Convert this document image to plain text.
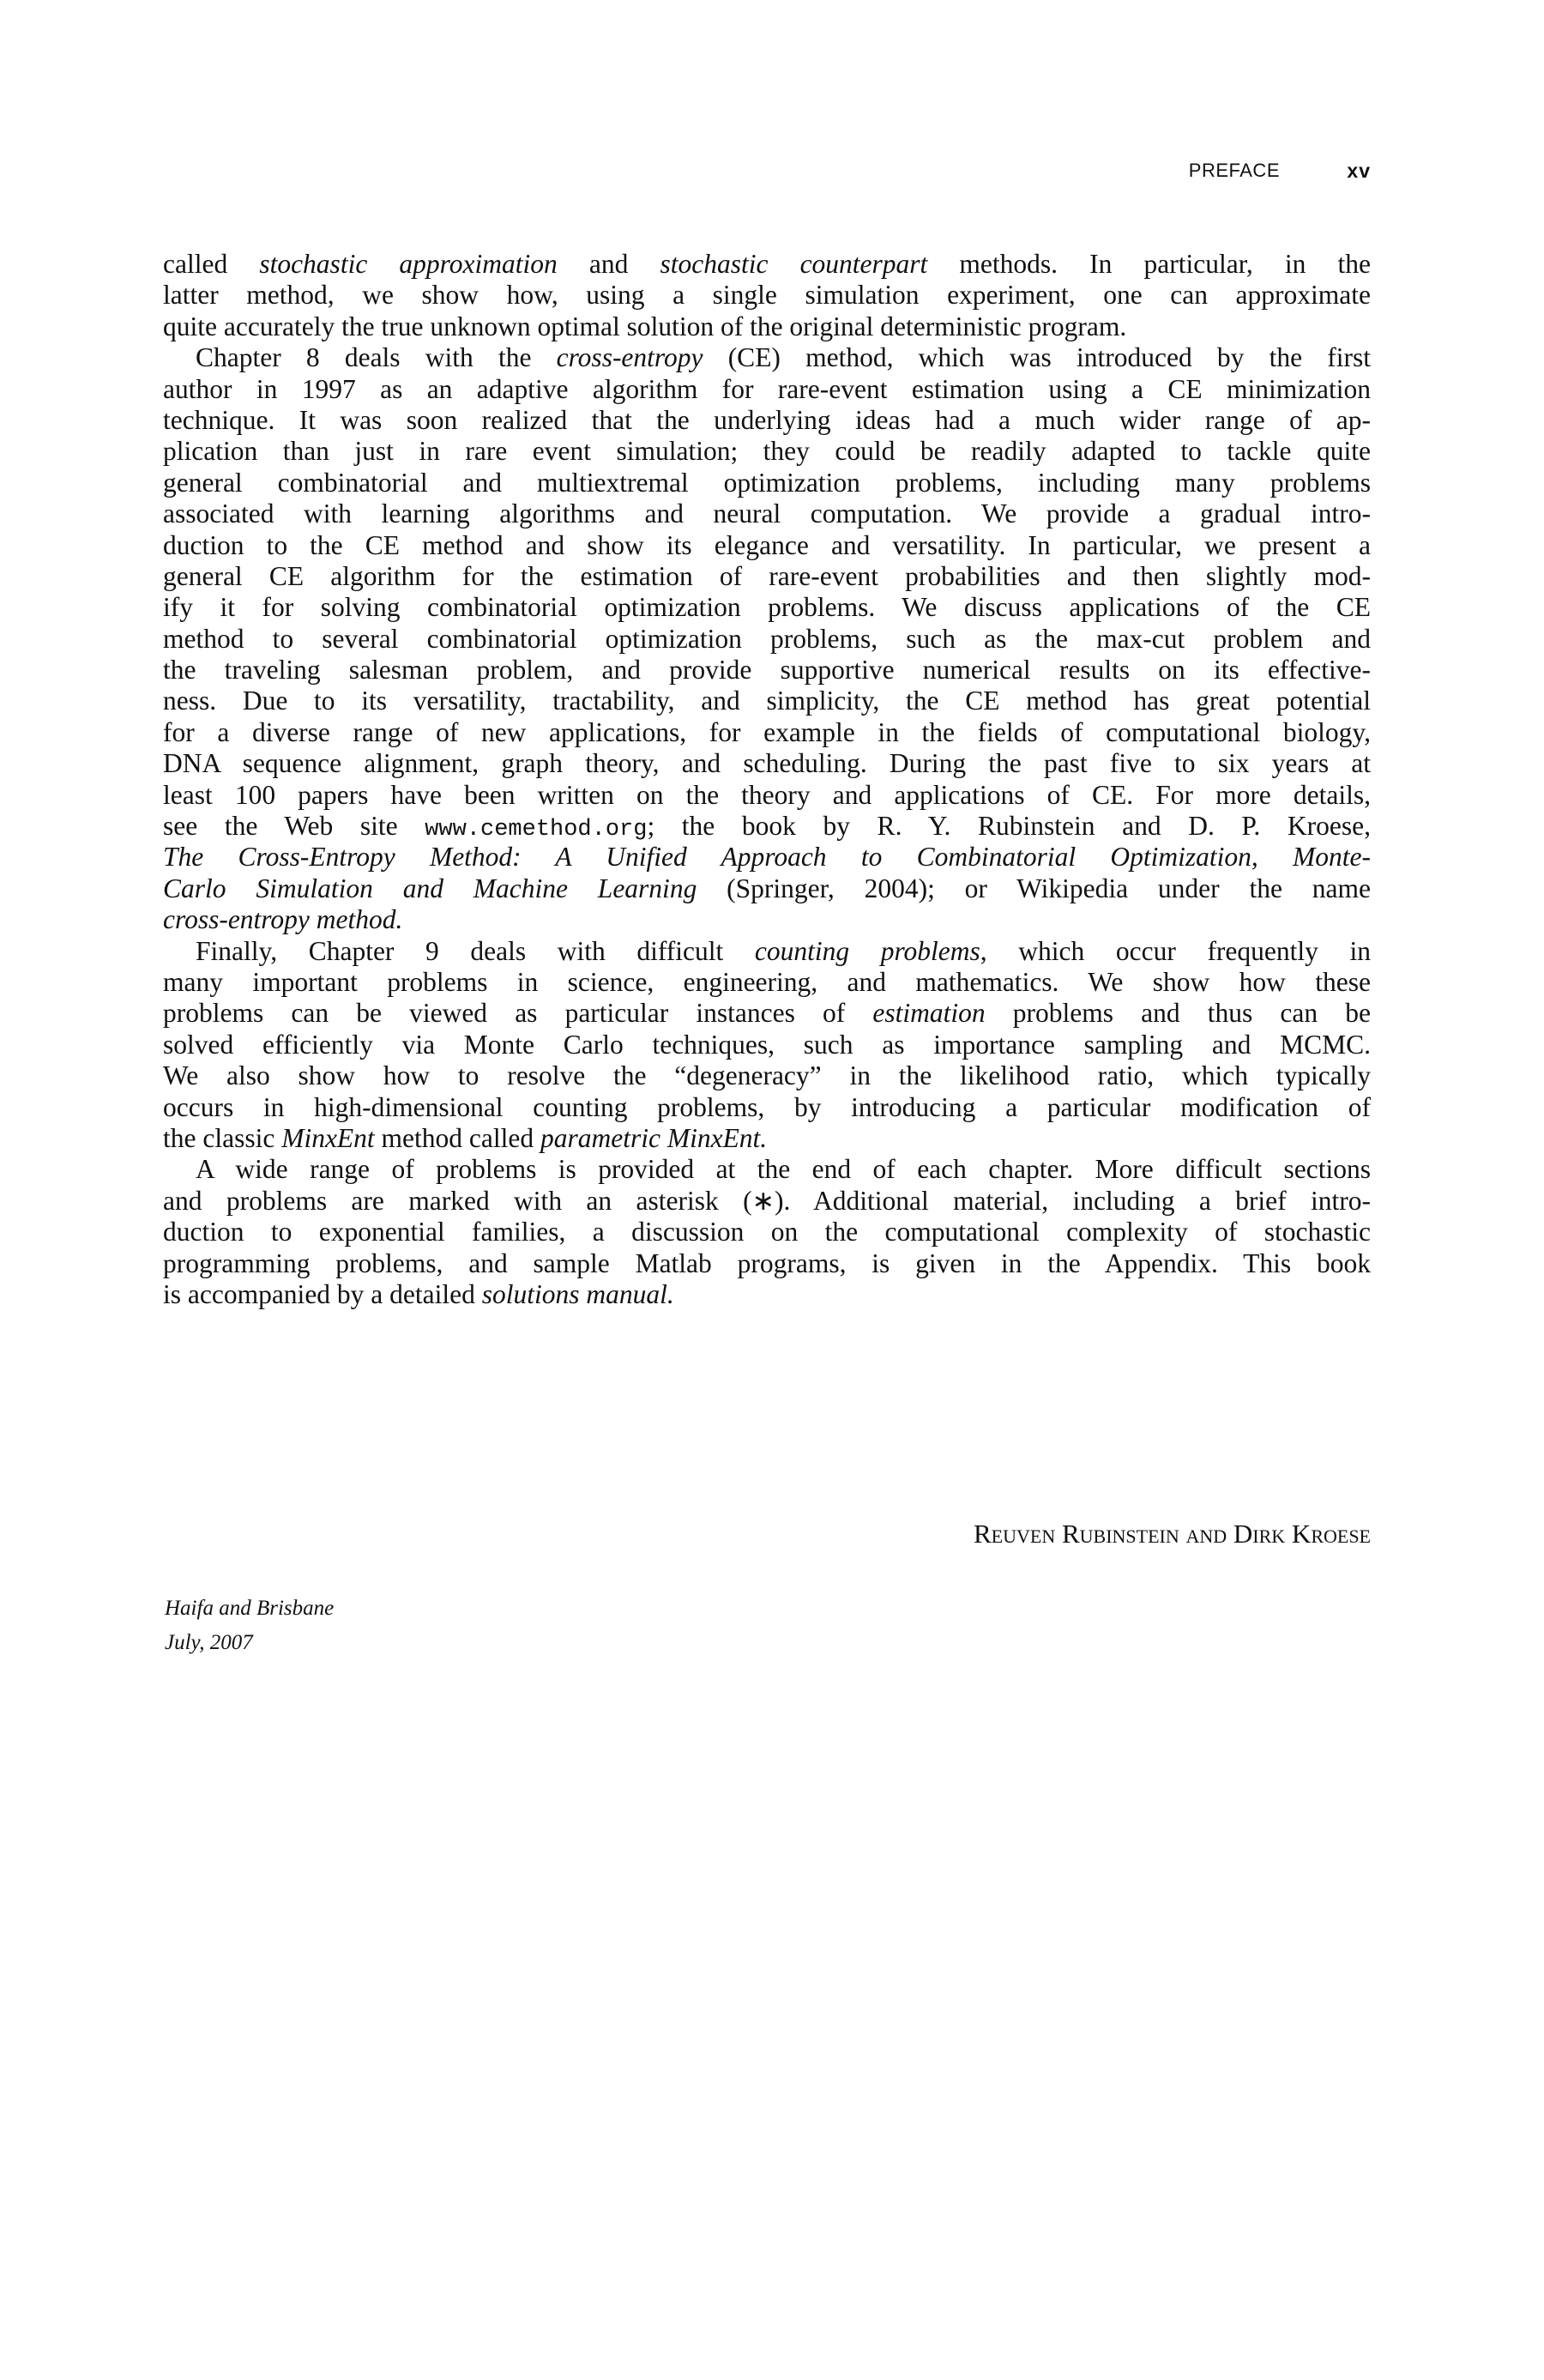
PREFACE	xv
called stochastic approximation and stochastic counterpart methods. In particular, in the
latter method, we show how, using a single simulation experiment, one can approximate
quite accurately the true unknown optimal solution of the original deterministic program.
Chapter 8 deals with the cross-entropy (CE) method, which was introduced by the first
author in 1997 as an adaptive algorithm for rare-event estimation using a CE minimization
technique. It was soon realized that the underlying ideas had a much wider range of ap-
plication than just in rare event simulation; they could be readily adapted to tackle quite
general combinatorial and multiextremal optimization problems, including many problems
associated with learning algorithms and neural computation. We provide a gradual intro-
duction to the CE method and show its elegance and versatility. In particular, we present a
general CE algorithm for the estimation of rare-event probabilities and then slightly mod-
ify it for solving combinatorial optimization problems. We discuss applications of the CE
method to several combinatorial optimization problems, such as the max-cut problem and
the traveling salesman problem, and provide supportive numerical results on its effective-
ness. Due to its versatility, tractability, and simplicity, the CE method has great potential
for a diverse range of new applications, for example in the fields of computational biology,
DNA sequence alignment, graph theory, and scheduling. During the past five to six years at
least 100 papers have been written on the theory and applications of CE. For more details,
see the Web site www.cemethod.org; the book by R. Y. Rubinstein and D. P. Kroese,
The Cross-Entropy Method: A Unified Approach to Combinatorial Optimization, Monte-
Carlo Simulation and Machine Learning (Springer, 2004); or Wikipedia under the name
cross-entropy method.
Finally, Chapter 9 deals with difficult counting problems, which occur frequently in
many important problems in science, engineering, and mathematics. We show how these
problems can be viewed as particular instances of estimation problems and thus can be
solved efficiently via Monte Carlo techniques, such as importance sampling and MCMC.
We also show how to resolve the “degeneracy” in the likelihood ratio, which typically
occurs in high-dimensional counting problems, by introducing a particular modification of
the classic MinxEnt method called parametric MinxEnt.
A wide range of problems is provided at the end of each chapter. More difficult sections
and problems are marked with an asterisk (∗). Additional material, including a brief intro-
duction to exponential families, a discussion on the computational complexity of stochastic
programming problems, and sample Matlab programs, is given in the Appendix. This book
is accompanied by a detailed solutions manual.
Reuven Rubinstein and Dirk Kroese
Haifa and Brisbane
July, 2007
